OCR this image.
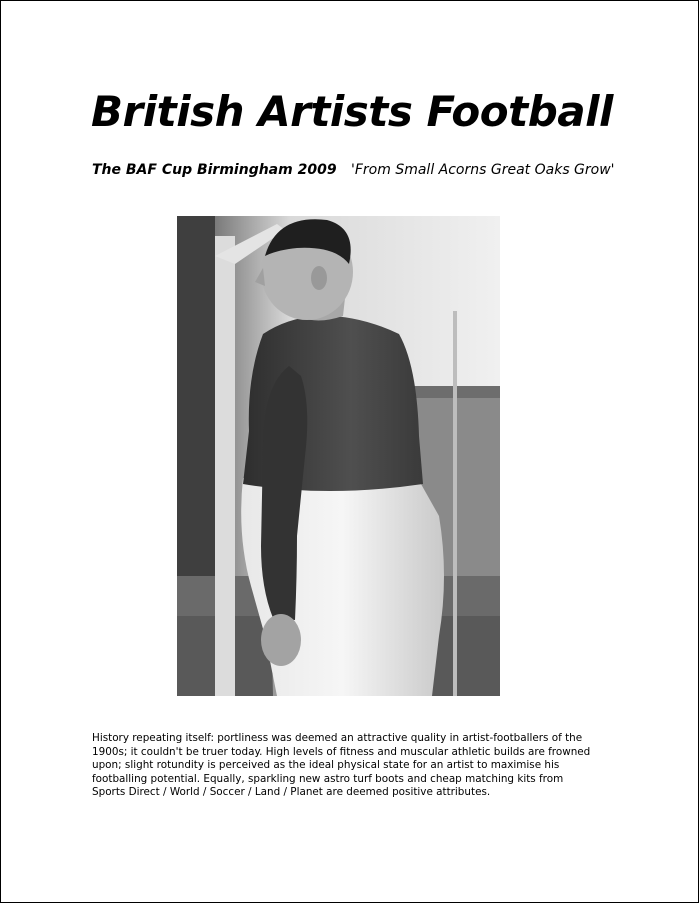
British Artists Football
The BAF Cup Birmingham 2009 'From Small Acorns Great Oaks Grow'

History repeating itself: portliness was deemed an attractive quality in artist-footballers of the 1900s; it couldn't be truer today. High levels of fitness and muscular athletic builds are frowned upon; slight rotundity is perceived as the ideal physical state for an artist to maximise his footballing potential. Equally, sparkling new astro turf boots and cheap matching kits from Sports Direct / World / Soccer / Land / Planet are deemed positive attributes.
